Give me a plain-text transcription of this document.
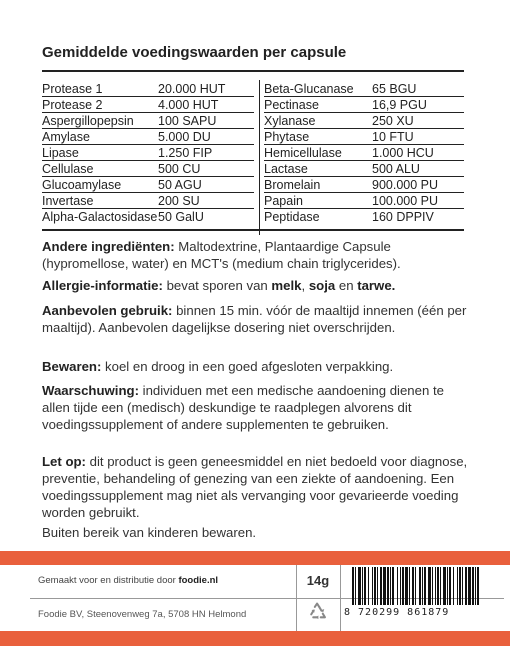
Gemiddelde voedingswaarden per capsule
Protease 1	20.000 HUT
Protease 2	4.000 HUT
Aspergillopepsin	100 SAPU
Amylase	5.000 DU
Lipase	1.250 FIP
Cellulase	500 CU
Glucoamylase	50 AGU
Invertase	200 SU
Alpha-Galactosidase 50 GalU
Beta-Glucanase	65 BGU
Pectinase	16,9 PGU
Xylanase	250 XU
Phytase	10 FTU
Hemicellulase	1.000 HCU
Lactase	500 ALU
Bromelain	900.000 PU
Papain	100.000 PU
Peptidase	160 DPPIV
Andere ingrediënten: Maltodextrine, Plantaardige Capsule (hypromellose, water) en MCT's (medium chain triglycerides).
Allergie-informatie: bevat sporen van melk, soja en tarwe.
Aanbevolen gebruik: binnen 15 min. vóór de maaltijd innemen (één per maaltijd). Aanbevolen dagelijkse dosering niet overschrijden.
Bewaren: koel en droog in een goed afgesloten verpakking.
Waarschuwing: individuen met een medische aandoening dienen te allen tijde een (medisch) deskundige te raadplegen alvorens dit voedingssupplement of andere supplementen te gebruiken.
Let op: dit product is geen geneesmiddel en niet bedoeld voor diagnose, preventie, behandeling of genezing van een ziekte of aandoening. Een voedingssupplement mag niet als vervanging voor gevarieerde voeding worden gebruikt.
Buiten bereik van kinderen bewaren.
Gemaakt voor en distributie door foodie.nl
Foodie BV, Steenovenweg 7a, 5708 HN Helmond
14g
8 720299 861879
